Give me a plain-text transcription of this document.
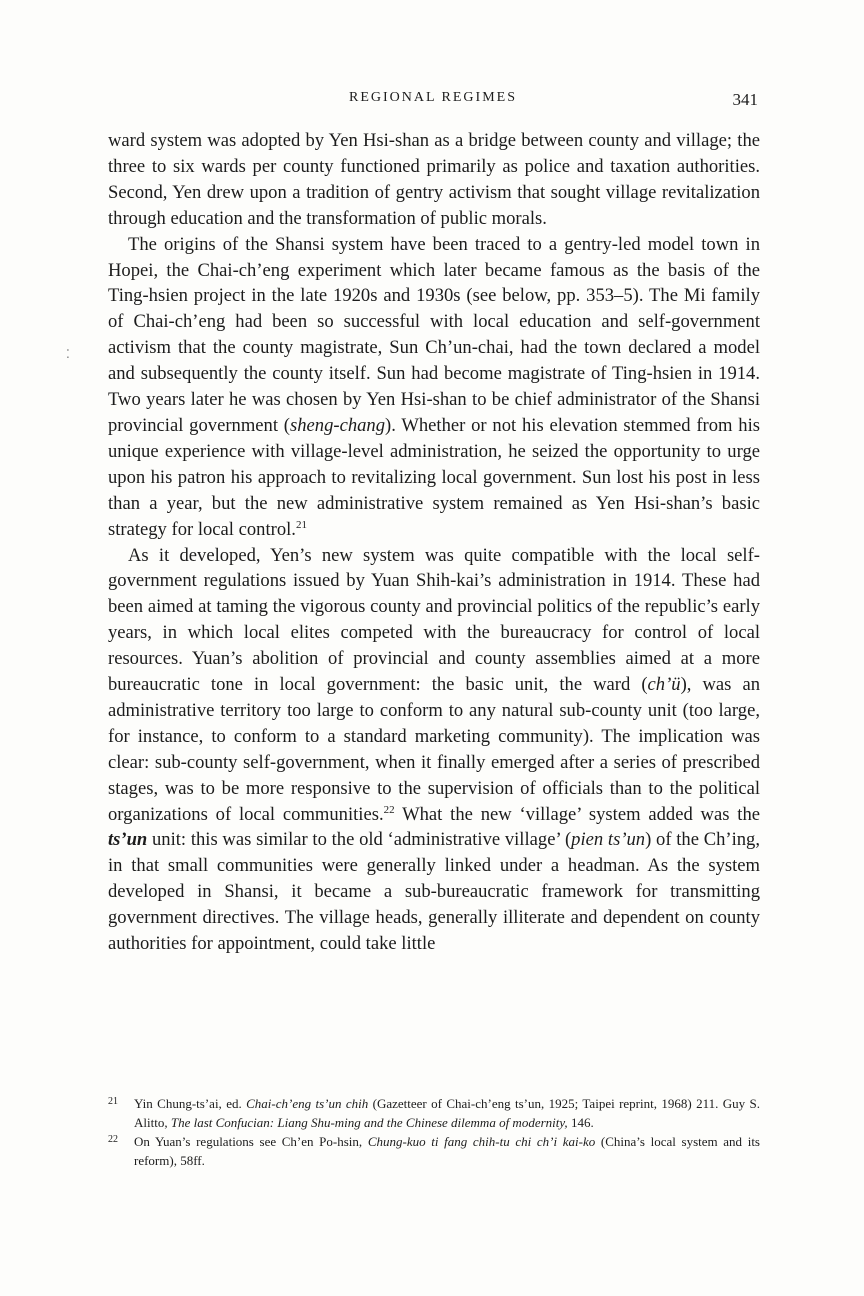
REGIONAL REGIMES	341
⁚

ward system was adopted by Yen Hsi-shan as a bridge between county and village; the three to six wards per county functioned primarily as police and taxation authorities. Second, Yen drew upon a tradition of gentry activism that sought village revitalization through education and the transformation of public morals.

The origins of the Shansi system have been traced to a gentry-led model town in Hopei, the Chai-ch’eng experiment which later became famous as the basis of the Ting-hsien project in the late 1920s and 1930s (see below, pp. 353–5). The Mi family of Chai-ch’eng had been so successful with local education and self-government activism that the county magistrate, Sun Ch’un-chai, had the town declared a model and subsequently the county itself. Sun had become magistrate of Ting-hsien in 1914. Two years later he was chosen by Yen Hsi-shan to be chief administrator of the Shansi provincial government (sheng-chang). Whether or not his elevation stemmed from his unique experience with village-level administration, he seized the opportunity to urge upon his patron his approach to revitalizing local government. Sun lost his post in less than a year, but the new administrative system remained as Yen Hsi-shan’s basic strategy for local control.$^{21}$

As it developed, Yen’s new system was quite compatible with the local self-government regulations issued by Yuan Shih-kai’s administration in 1914. These had been aimed at taming the vigorous county and provincial politics of the republic’s early years, in which local elites competed with the bureaucracy for control of local resources. Yuan’s abolition of provincial and county assemblies aimed at a more bureaucratic tone in local government: the basic unit, the ward (ch’ü), was an administrative territory too large to conform to any natural sub-county unit (too large, for instance, to conform to a standard marketing community). The implication was clear: sub-county self-government, when it finally emerged after a series of prescribed stages, was to be more responsive to the supervision of officials than to the political organizations of local communities.$^{22}$ What the new ‘village’ system added was the ts’un unit: this was similar to the old ‘administrative village’ (pien ts’un) of the Ch’ing, in that small communities were generally linked under a headman. As the system developed in Shansi, it became a sub-bureaucratic framework for transmitting government directives. The village heads, generally illiterate and dependent on county authorities for appointment, could take little

21 Yin Chung-ts’ai, ed. Chai-ch’eng ts’un chih (Gazetteer of Chai-ch’eng ts’un, 1925; Taipei reprint, 1968) 211. Guy S. Alitto, The last Confucian: Liang Shu-ming and the Chinese dilemma of modernity, 146.

22 On Yuan’s regulations see Ch’en Po-hsin, Chung-kuo ti fang chih-tu chi ch’i kai-ko (China’s local system and its reform), 58ff.
